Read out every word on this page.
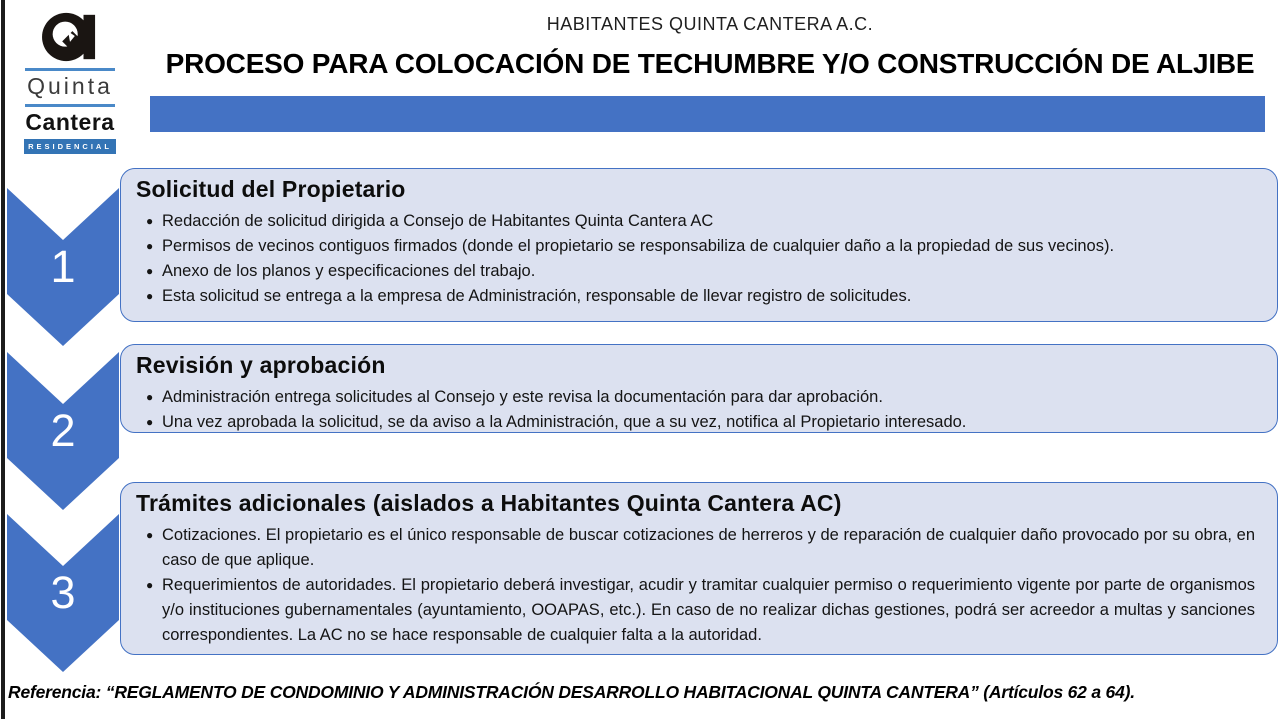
Quinta
Cantera
RESIDENCIAL
HABITANTES QUINTA CANTERA A.C.
PROCESO PARA COLOCACIÓN DE TECHUMBRE Y/O CONSTRUCCIÓN DE ALJIBE
1
2
3
Solicitud del Propietario
● Redacción de solicitud dirigida a Consejo de Habitantes Quinta Cantera AC
● Permisos de vecinos contiguos firmados (donde el propietario se responsabiliza de cualquier daño a la propiedad de sus vecinos).
● Anexo de los planos y especificaciones del trabajo.
● Esta solicitud se entrega a la empresa de Administración, responsable de llevar registro de solicitudes.
Revisión y aprobación
● Administración entrega solicitudes al Consejo y este revisa la documentación para dar aprobación.
● Una vez aprobada la solicitud, se da aviso a la Administración, que a su vez, notifica al Propietario interesado.
Trámites adicionales (aislados a Habitantes Quinta Cantera AC)
● Cotizaciones. El propietario es el único responsable de buscar cotizaciones de herreros y de reparación de cualquier daño provocado por su obra, en caso de que aplique.
● Requerimientos de autoridades. El propietario deberá investigar, acudir y tramitar cualquier permiso o requerimiento vigente por parte de organismos y/o instituciones gubernamentales (ayuntamiento, OOAPAS, etc.). En caso de no realizar dichas gestiones, podrá ser acreedor a multas y sanciones correspondientes. La AC no se hace responsable de cualquier falta a la autoridad.
Referencia: “REGLAMENTO DE CONDOMINIO Y ADMINISTRACIÓN DESARROLLO HABITACIONAL QUINTA CANTERA” (Artículos 62 a 64).
